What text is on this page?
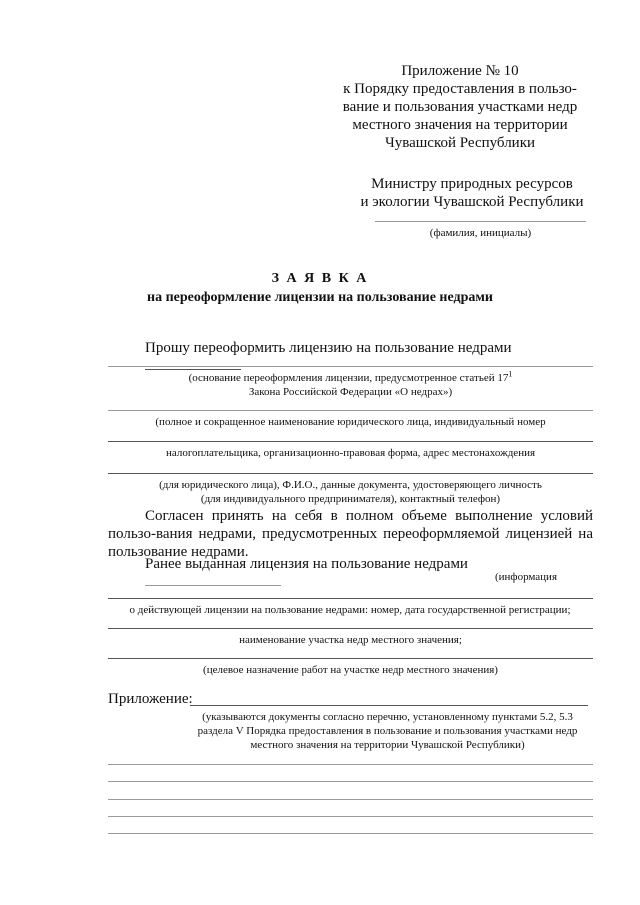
Приложение № 10
к Порядку предоставления в пользо-
вание и пользования участками недр
местного значения на территории
Чувашской Республики
Министру природных ресурсов
и экологии Чувашской Республики
(фамилия, инициалы)
З А Я В К А
на переоформление лицензии на пользование недрами
Прошу переоформить лицензию на пользование недрами
(основание переоформления лицензии, предусмотренное статьей $17^1$
Закона Российской Федерации «О недрах»)
(полное и сокращенное наименование юридического лица, индивидуальный номер
налогоплательщика, организационно-правовая форма, адрес местонахождения
(для юридического лица), Ф.И.О., данные документа, удостоверяющего личность
(для индивидуального предпринимателя), контактный телефон)
Согласен принять на себя в полном объеме выполнение условий пользо-вания недрами, предусмотренных переоформляемой лицензией на пользование недрами.
Ранее выданная лицензия на пользование недрами
(информация
о действующей лицензии на пользование недрами: номер, дата государственной регистрации;
наименование участка недр местного значения;
(целевое назначение работ на участке недр местного значения)
Приложение:
(указываются документы согласно перечню, установленному пунктами 5.2, 5.3
раздела V Порядка предоставления в пользование и пользования участками недр
местного значения на территории Чувашской Республики)
